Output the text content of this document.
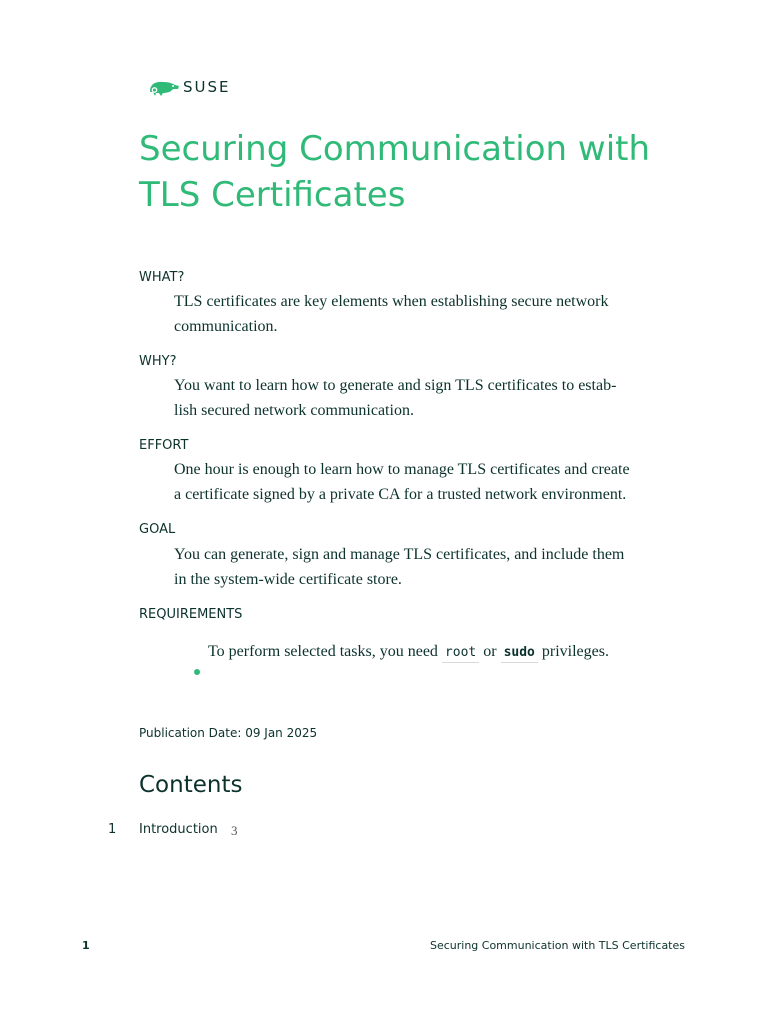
SUSE
Securing Communication with
TLS Certificates
WHAT?
TLS certificates are key elements when establishing secure network
communication.
WHY?
You want to learn how to generate and sign TLS certificates to estab-
lish secured network communication.
EFFORT
One hour is enough to learn how to manage TLS certificates and create
a certificate signed by a private CA for a trusted network environment.
GOAL
You can generate, sign and manage TLS certificates, and include them
in the system-wide certificate store.
REQUIREMENTS
To perform selected tasks, you need root or sudo privileges.
Publication Date: 09 Jan 2025
Contents
1 Introduction 3
1	Securing Communication with TLS Certificates
